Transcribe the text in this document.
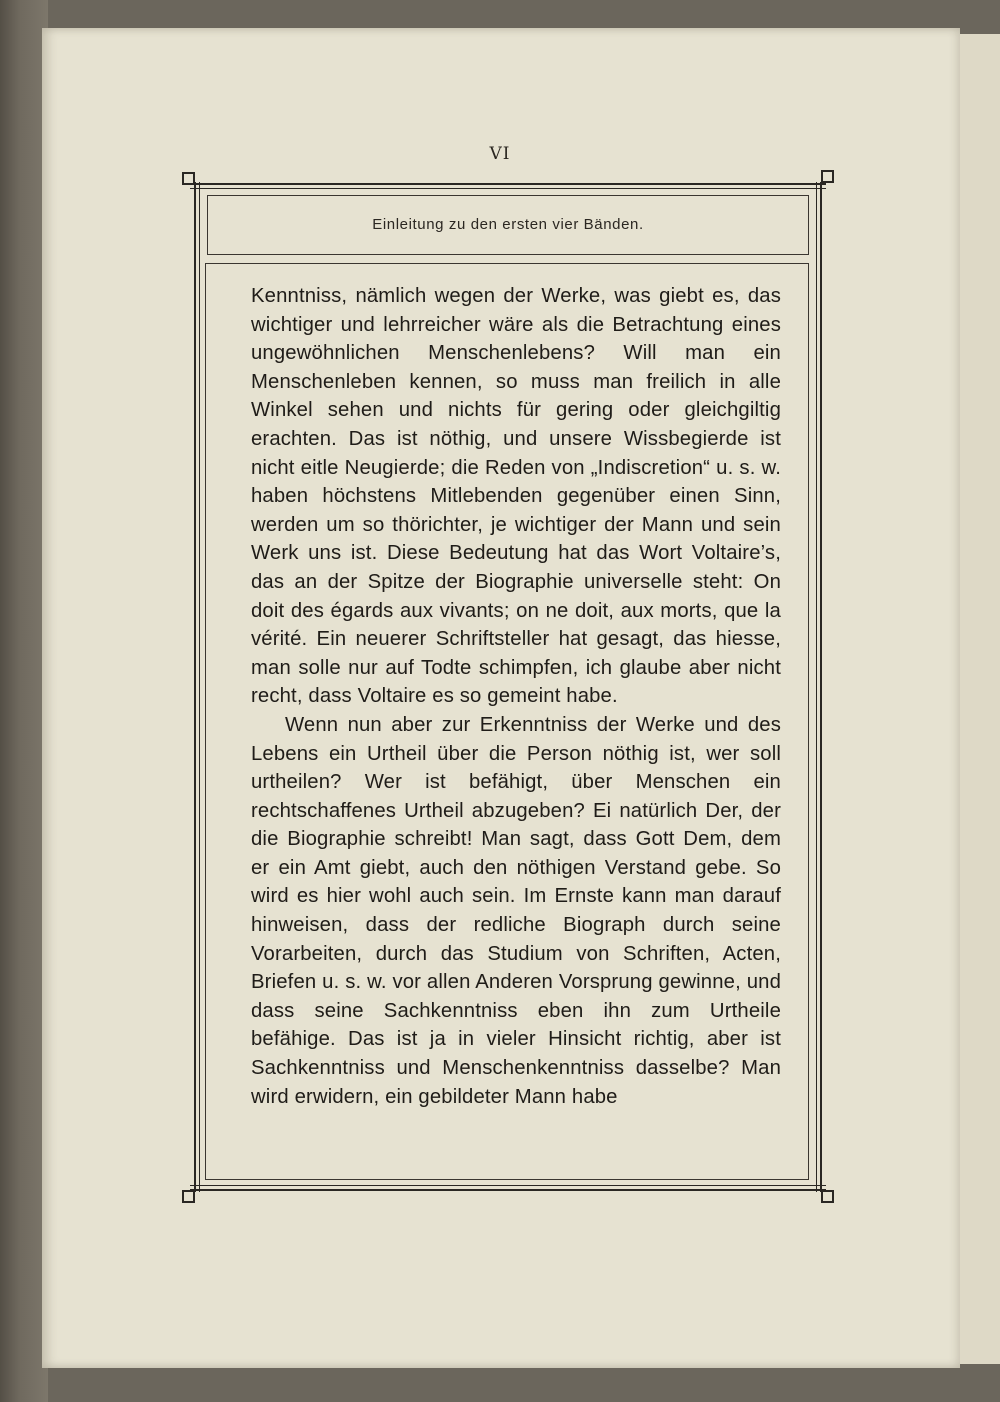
VI
Einleitung zu den ersten vier Bänden.

Kenntniss, nämlich wegen der Werke, was giebt es, das wichtiger und lehrreicher wäre als die Betrachtung eines ungewöhnlichen Menschenlebens? Will man ein Menschenleben kennen, so muss man freilich in alle Winkel sehen und nichts für gering oder gleichgiltig erachten. Das ist nöthig, und unsere Wissbegierde ist nicht eitle Neugierde; die Reden von „Indiscretion“ u. s. w. haben höchstens Mitlebenden gegenüber einen Sinn, werden um so thörichter, je wichtiger der Mann und sein Werk uns ist. Diese Bedeutung hat das Wort Voltaire’s, das an der Spitze der Biographie universelle steht: On doit des égards aux vivants; on ne doit, aux morts, que la vérité. Ein neuerer Schriftsteller hat gesagt, das hiesse, man solle nur auf Todte schimpfen, ich glaube aber nicht recht, dass Voltaire es so gemeint habe.

Wenn nun aber zur Erkenntniss der Werke und des Lebens ein Urtheil über die Person nöthig ist, wer soll urtheilen? Wer ist befähigt, über Menschen ein rechtschaffenes Urtheil abzugeben? Ei natürlich Der, der die Biographie schreibt! Man sagt, dass Gott Dem, dem er ein Amt giebt, auch den nöthigen Verstand gebe. So wird es hier wohl auch sein. Im Ernste kann man darauf hinweisen, dass der redliche Biograph durch seine Vorarbeiten, durch das Studium von Schriften, Acten, Briefen u. s. w. vor allen Anderen Vorsprung gewinne, und dass seine Sachkenntniss eben ihn zum Urtheile befähige. Das ist ja in vieler Hinsicht richtig, aber ist Sachkenntniss und Menschenkenntniss dasselbe? Man wird erwidern, ein gebildeter Mann habe
